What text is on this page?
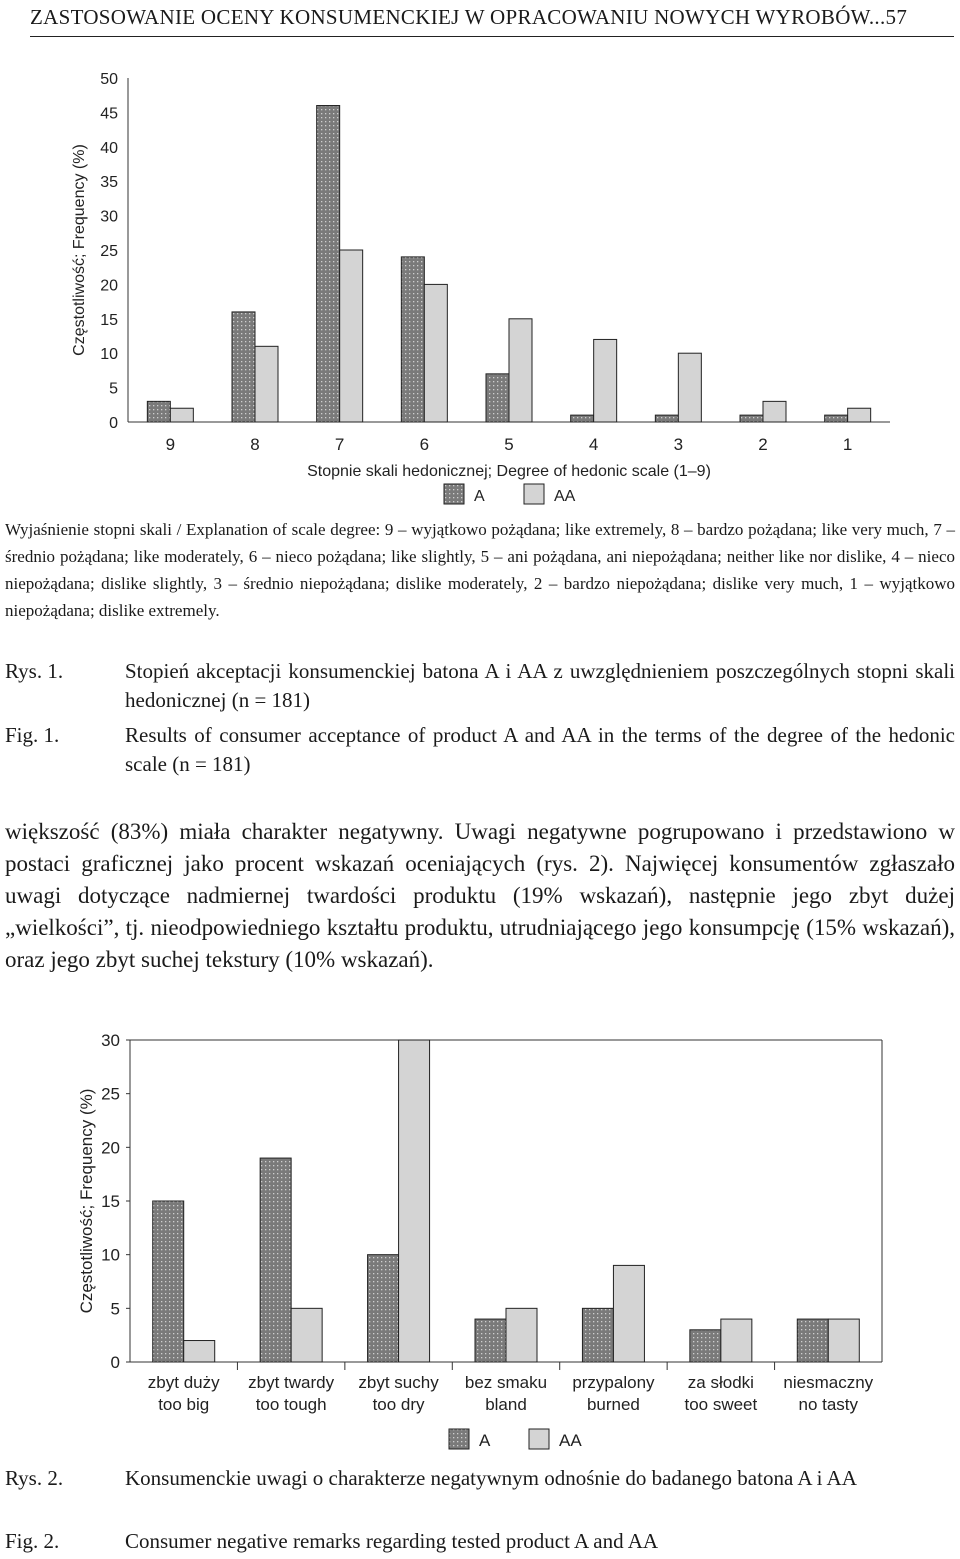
ZASTOSOWANIE OCENY KONSUMENCKIEJ W OPRACOWANIU NOWYCH WYROBÓW...57
0
5
10
15
20
25
30
35
40
45
50
Częstotliwość; Frequency (%)
9	8	7	6	5	4	3	2	1
Stopnie skali hedonicznej; Degree of hedonic scale (1–9)
A	AA
Wyjaśnienie stopni skali / Explanation of scale degree: 9 – wyjątkowo pożądana; like extremely, 8 – bardzo pożądana; like very much, 7 – średnio pożądana; like moderately, 6 – nieco pożądana; like slightly, 5 – ani pożądana, ani niepożądana; neither like nor dislike, 4 – nieco niepożądana; dislike slightly, 3 – średnio niepożądana; dislike moderately, 2 – bardzo niepożądana; dislike very much, 1 – wyjątkowo niepożądana; dislike extremely.
Rys. 1.	Stopień akceptacji konsumenckiej batona A i AA z uwzględnieniem poszczególnych stopni skali hedonicznej (n = 181)
Fig. 1.	Results of consumer acceptance of product A and AA in the terms of the degree of the hedonic scale (n = 181)
większość (83%) miała charakter negatywny. Uwagi negatywne pogrupowano i przedstawiono w postaci graficznej jako procent wskazań oceniających (rys. 2). Najwięcej konsumentów zgłaszało uwagi dotyczące nadmiernej twardości produktu (19% wskazań), następnie jego zbyt dużej „wielkości”, tj. nieodpowiedniego kształtu produktu, utrudniającego jego konsumpcję (15% wskazań), oraz jego zbyt suchej tekstury (10% wskazań).
0
5
10
15
20
25
30
Częstotliwość; Frequency (%)
zbyt duży
too big
zbyt twardy
too tough
zbyt suchy
too dry
bez smaku
bland
przypalony
burned
za słodki
too sweet
niesmaczny
no tasty
A	AA
Rys. 2.	Konsumenckie uwagi o charakterze negatywnym odnośnie do badanego batona A i AA
Fig. 2.	Consumer negative remarks regarding tested product A and AA
